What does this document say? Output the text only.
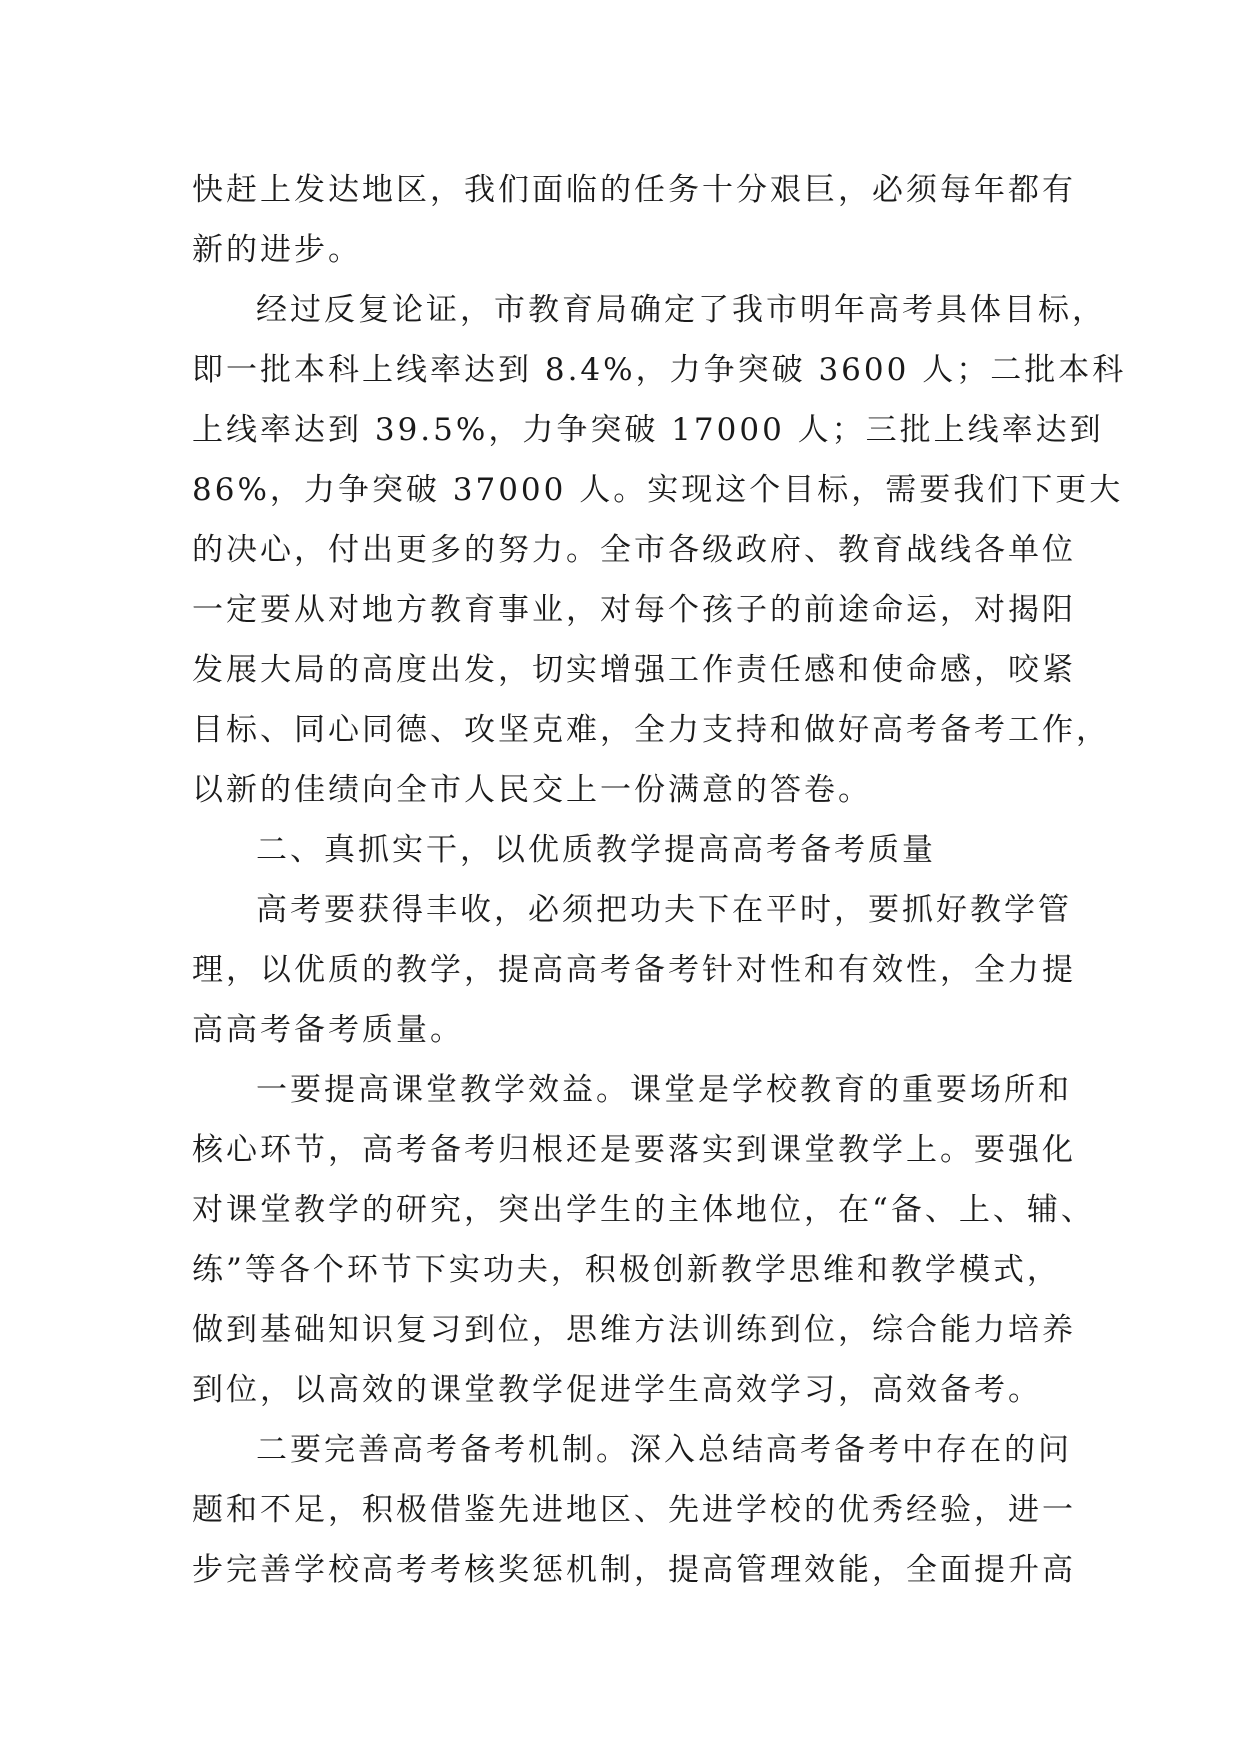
快赶上发达地区，我们面临的任务十分艰巨，必须每年都有
新的进步。
经过反复论证，市教育局确定了我市明年高考具体目标，
即一批本科上线率达到 8.4%，力争突破 3600 人；二批本科
上线率达到 39.5%，力争突破 17000 人；三批上线率达到
86%，力争突破 37000 人。实现这个目标，需要我们下更大
的决心，付出更多的努力。全市各级政府、教育战线各单位
一定要从对地方教育事业，对每个孩子的前途命运，对揭阳
发展大局的高度出发，切实增强工作责任感和使命感，咬紧
目标、同心同德、攻坚克难，全力支持和做好高考备考工作，
以新的佳绩向全市人民交上一份满意的答卷。
二、真抓实干，以优质教学提高高考备考质量
高考要获得丰收，必须把功夫下在平时，要抓好教学管
理，以优质的教学，提高高考备考针对性和有效性，全力提
高高考备考质量。
一要提高课堂教学效益。课堂是学校教育的重要场所和
核心环节，高考备考归根还是要落实到课堂教学上。要强化
对课堂教学的研究，突出学生的主体地位，在“备、上、辅、
练”等各个环节下实功夫，积极创新教学思维和教学模式，
做到基础知识复习到位，思维方法训练到位，综合能力培养
到位，以高效的课堂教学促进学生高效学习，高效备考。
二要完善高考备考机制。深入总结高考备考中存在的问
题和不足，积极借鉴先进地区、先进学校的优秀经验，进一
步完善学校高考考核奖惩机制，提高管理效能，全面提升高
